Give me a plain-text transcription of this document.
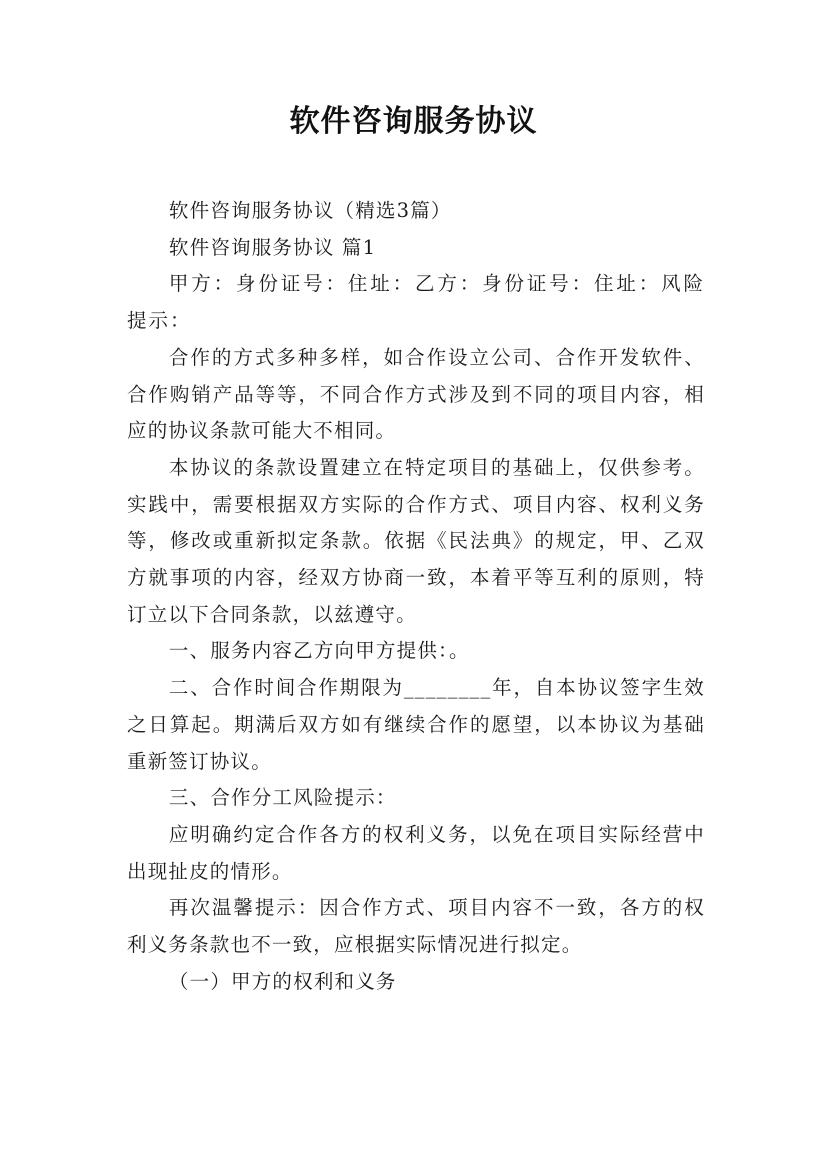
软件咨询服务协议

软件咨询服务协议（精选3篇）

软件咨询服务协议 篇1

甲方：身份证号：住址：乙方：身份证号：住址：风险提示：

合作的方式多种多样，如合作设立公司、合作开发软件、合作购销产品等等，不同合作方式涉及到不同的项目内容，相应的协议条款可能大不相同。

本协议的条款设置建立在特定项目的基础上，仅供参考。实践中，需要根据双方实际的合作方式、项目内容、权利义务等，修改或重新拟定条款。依据《民法典》的规定，甲、乙双方就事项的内容，经双方协商一致，本着平等互利的原则，特订立以下合同条款，以兹遵守。

一、服务内容乙方向甲方提供：。

二、合作时间合作期限为________年，自本协议签字生效之日算起。期满后双方如有继续合作的愿望，以本协议为基础重新签订协议。

三、合作分工风险提示：

应明确约定合作各方的权利义务，以免在项目实际经营中出现扯皮的情形。

再次温馨提示：因合作方式、项目内容不一致，各方的权利义务条款也不一致，应根据实际情况进行拟定。

（一）甲方的权利和义务
